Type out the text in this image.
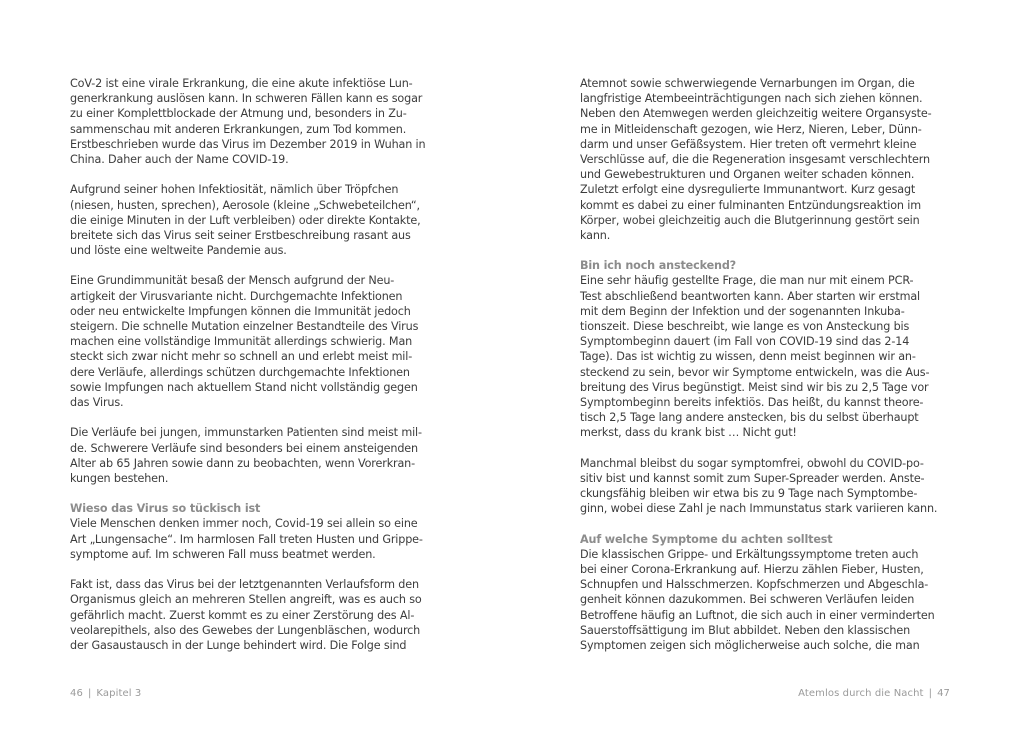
CoV-2 ist eine virale Erkrankung, die eine akute infektiöse Lun-
generkrankung auslösen kann. In schweren Fällen kann es sogar
zu einer Komplettblockade der Atmung und, besonders in Zu-
sammenschau mit anderen Erkrankungen, zum Tod kommen.
Erstbeschrieben wurde das Virus im Dezember 2019 in Wuhan in
China. Daher auch der Name COVID-19.
Aufgrund seiner hohen Infektiosität, nämlich über Tröpfchen
(niesen, husten, sprechen), Aerosole (kleine „Schwebeteilchen“,
die einige Minuten in der Luft verbleiben) oder direkte Kontakte,
breitete sich das Virus seit seiner Erstbeschreibung rasant aus
und löste eine weltweite Pandemie aus.
Eine Grundimmunität besaß der Mensch aufgrund der Neu-
artigkeit der Virusvariante nicht. Durchgemachte Infektionen
oder neu entwickelte Impfungen können die Immunität jedoch
steigern. Die schnelle Mutation einzelner Bestandteile des Virus
machen eine vollständige Immunität allerdings schwierig. Man
steckt sich zwar nicht mehr so schnell an und erlebt meist mil-
dere Verläufe, allerdings schützen durchgemachte Infektionen
sowie Impfungen nach aktuellem Stand nicht vollständig gegen
das Virus.
Die Verläufe bei jungen, immunstarken Patienten sind meist mil-
de. Schwerere Verläufe sind besonders bei einem ansteigenden
Alter ab 65 Jahren sowie dann zu beobachten, wenn Vorerkran-
kungen bestehen.
Wieso das Virus so tückisch ist
Viele Menschen denken immer noch, Covid-19 sei allein so eine
Art „Lungensache“. Im harmlosen Fall treten Husten und Grippe-
symptome auf. Im schweren Fall muss beatmet werden.
Fakt ist, dass das Virus bei der letztgenannten Verlaufsform den
Organismus gleich an mehreren Stellen angreift, was es auch so
gefährlich macht. Zuerst kommt es zu einer Zerstörung des Al-
veolarepithels, also des Gewebes der Lungenbläschen, wodurch
der Gasaustausch in der Lunge behindert wird. Die Folge sind
Atemnot sowie schwerwiegende Vernarbungen im Organ, die
langfristige Atembeeinträchtigungen nach sich ziehen können.
Neben den Atemwegen werden gleichzeitig weitere Organsyste-
me in Mitleidenschaft gezogen, wie Herz, Nieren, Leber, Dünn-
darm und unser Gefäßsystem. Hier treten oft vermehrt kleine
Verschlüsse auf, die die Regeneration insgesamt verschlechtern
und Gewebestrukturen und Organen weiter schaden können.
Zuletzt erfolgt eine dysregulierte Immunantwort. Kurz gesagt
kommt es dabei zu einer fulminanten Entzündungsreaktion im
Körper, wobei gleichzeitig auch die Blutgerinnung gestört sein
kann.
Bin ich noch ansteckend?
Eine sehr häufig gestellte Frage, die man nur mit einem PCR-
Test abschließend beantworten kann. Aber starten wir erstmal
mit dem Beginn der Infektion und der sogenannten Inkuba-
tionszeit. Diese beschreibt, wie lange es von Ansteckung bis
Symptombeginn dauert (im Fall von COVID-19 sind das 2-14
Tage). Das ist wichtig zu wissen, denn meist beginnen wir an-
steckend zu sein, bevor wir Symptome entwickeln, was die Aus-
breitung des Virus begünstigt. Meist sind wir bis zu 2,5 Tage vor
Symptombeginn bereits infektiös. Das heißt, du kannst theore-
tisch 2,5 Tage lang andere anstecken, bis du selbst überhaupt
merkst, dass du krank bist … Nicht gut!
Manchmal bleibst du sogar symptomfrei, obwohl du COVID-po-
sitiv bist und kannst somit zum Super-Spreader werden. Anste-
ckungsfähig bleiben wir etwa bis zu 9 Tage nach Symptombe-
ginn, wobei diese Zahl je nach Immunstatus stark variieren kann.
Auf welche Symptome du achten solltest
Die klassischen Grippe- und Erkältungssymptome treten auch
bei einer Corona-Erkrankung auf. Hierzu zählen Fieber, Husten,
Schnupfen und Halsschmerzen. Kopfschmerzen und Abgeschla-
genheit können dazukommen. Bei schweren Verläufen leiden
Betroffene häufig an Luftnot, die sich auch in einer verminderten
Sauerstoffsättigung im Blut abbildet. Neben den klassischen
Symptomen zeigen sich möglicherweise auch solche, die man
46 | Kapitel 3	Atemlos durch die Nacht | 47
